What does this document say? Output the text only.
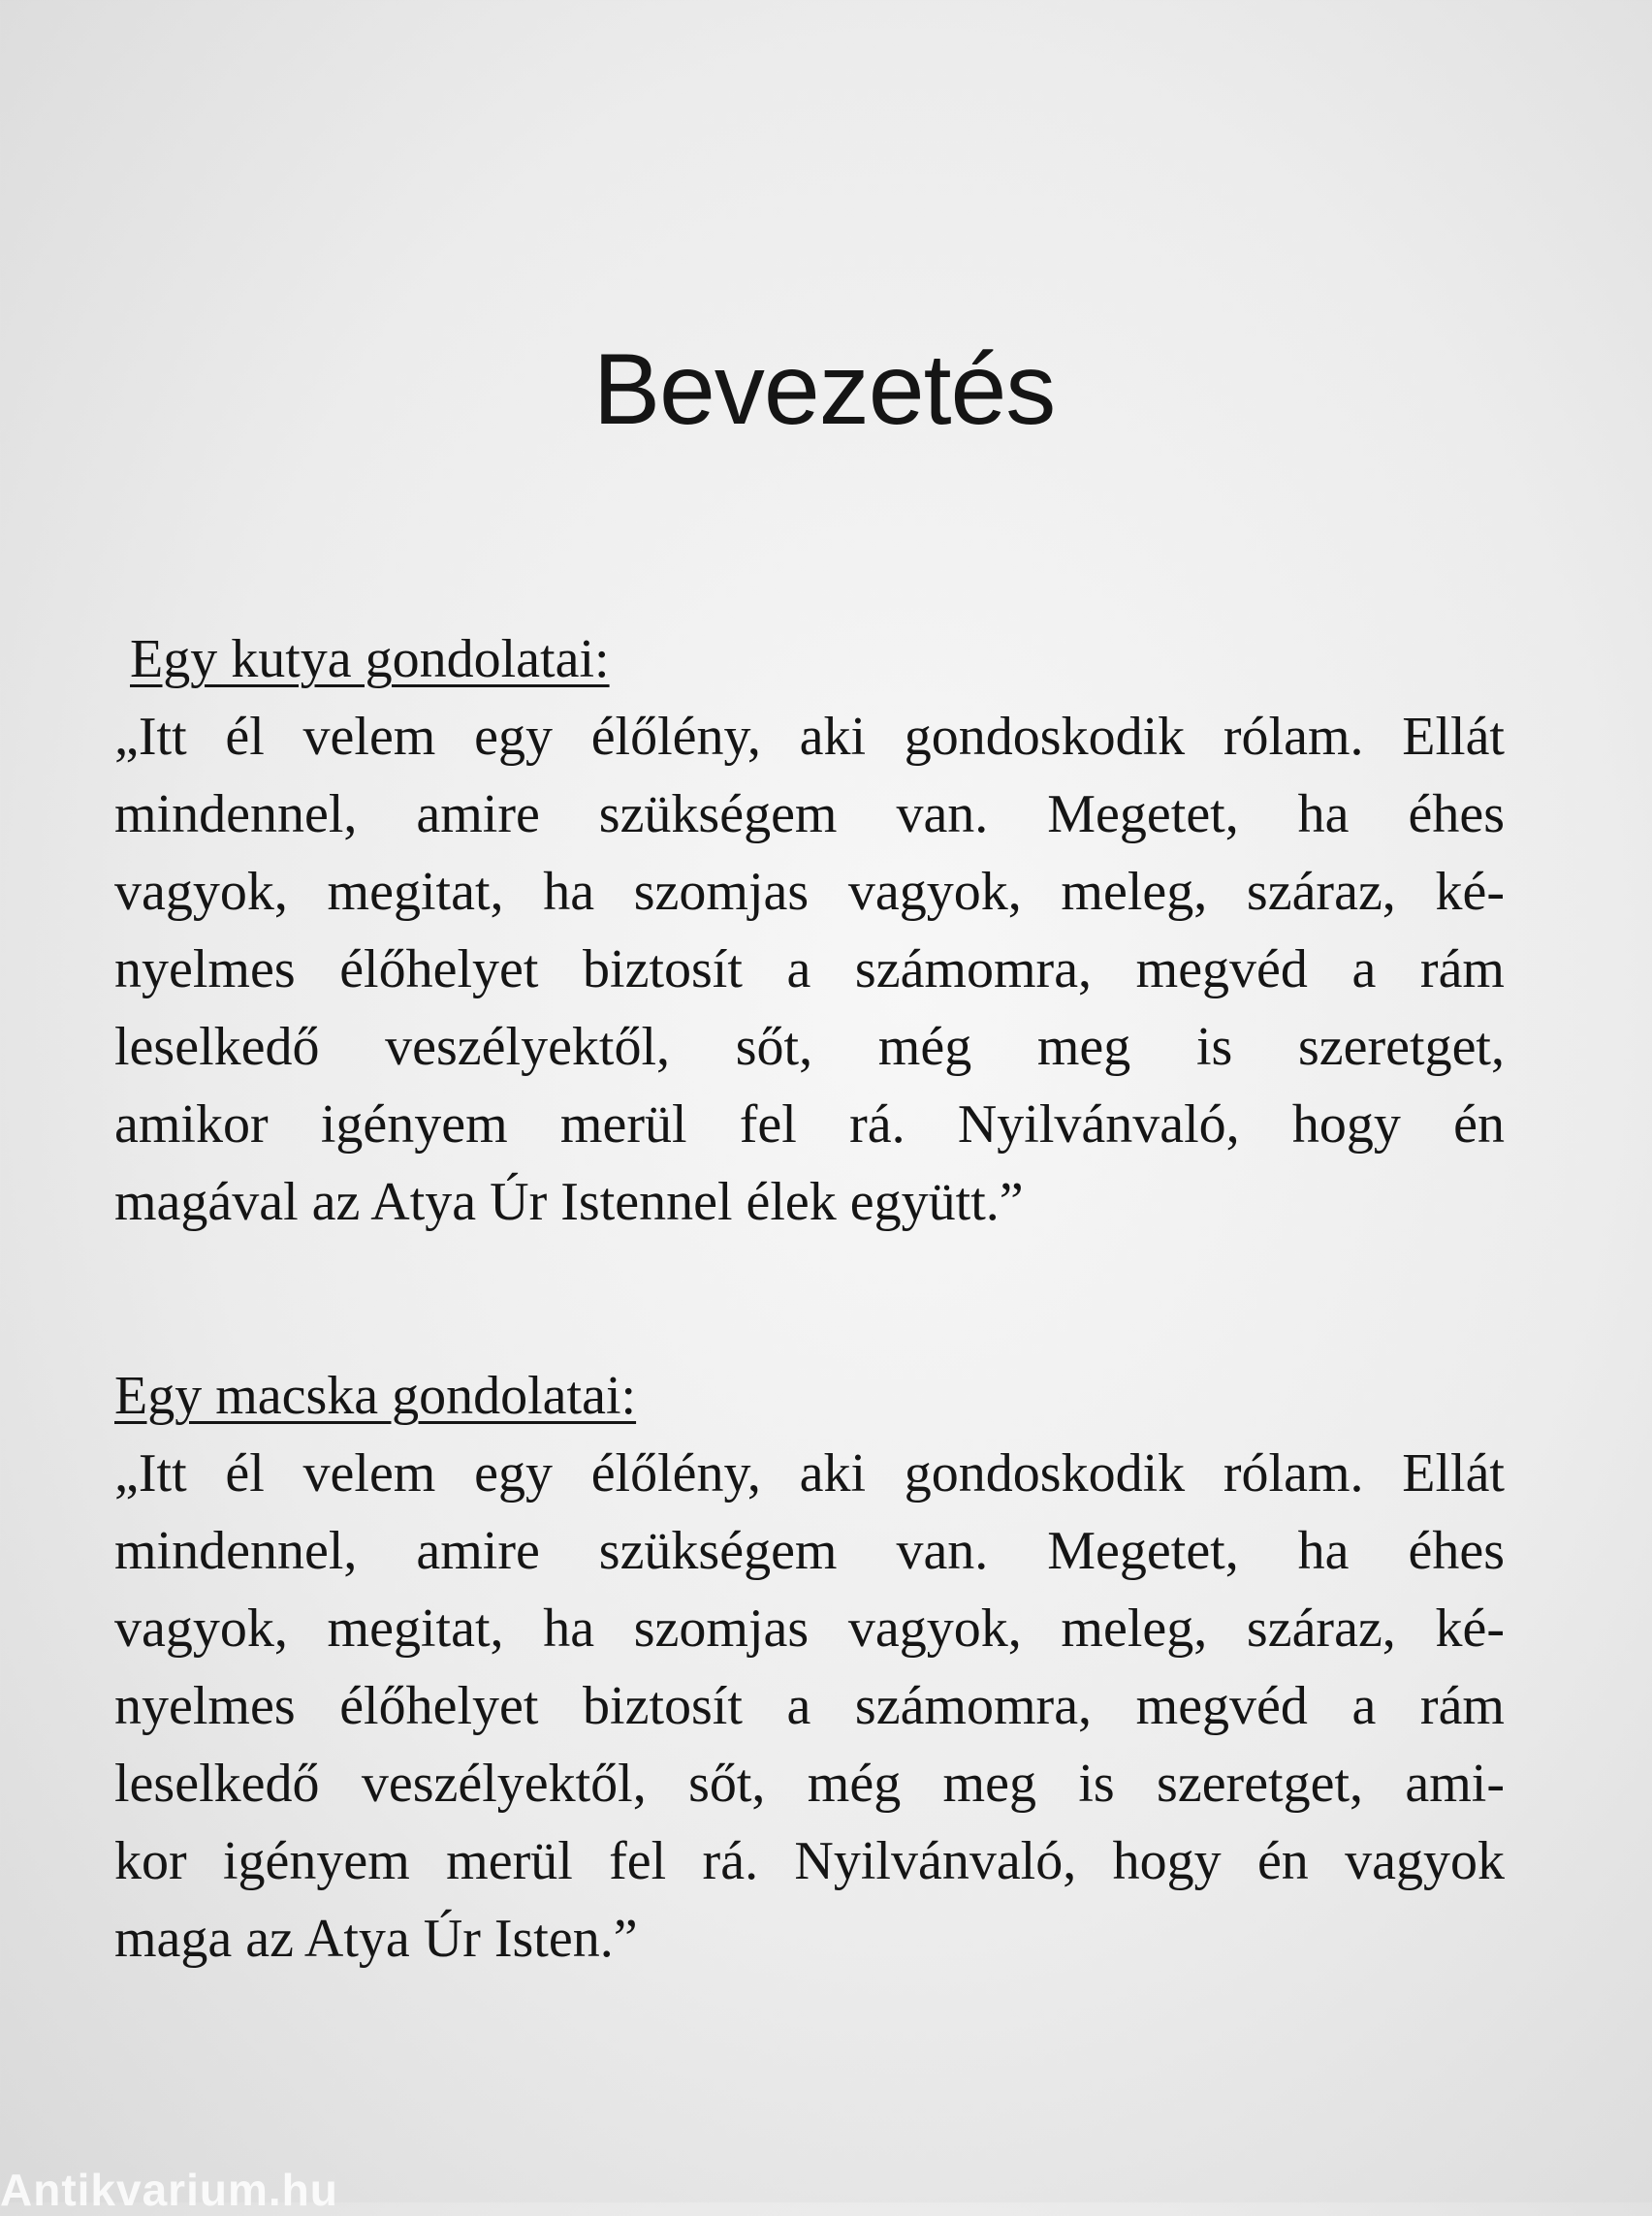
Bevezetés
Egy kutya gondolatai:
„Itt él velem egy élőlény, aki gondoskodik rólam. Ellát
mindennel, amire szükségem van. Megetet, ha éhes
vagyok, megitat, ha szomjas vagyok, meleg, száraz, ké-
nyelmes élőhelyet biztosít a számomra, megvéd a rám
leselkedő veszélyektől, sőt, még meg is szeretget,
amikor igényem merül fel rá. Nyilvánvaló, hogy én
magával az Atya Úr Istennel élek együtt.”
Egy macska gondolatai:
„Itt él velem egy élőlény, aki gondoskodik rólam. Ellát
mindennel, amire szükségem van. Megetet, ha éhes
vagyok, megitat, ha szomjas vagyok, meleg, száraz, ké-
nyelmes élőhelyet biztosít a számomra, megvéd a rám
leselkedő veszélyektől, sőt, még meg is szeretget, ami-
kor igényem merül fel rá. Nyilvánvaló, hogy én vagyok
maga az Atya Úr Isten.”
Antikvarium.hu
